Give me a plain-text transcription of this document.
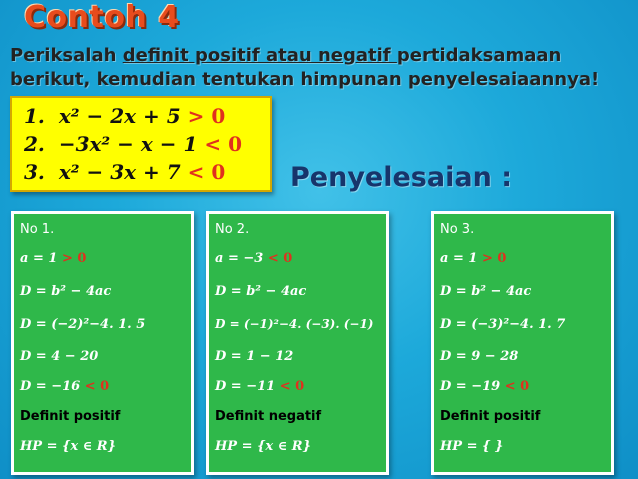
Contoh 4
Periksalah definit positif atau negatif pertidaksamaan berikut, kemudian tentukan himpunan penyelesaiaannya!
1. x² − 2x + 5 > 0
2. −3x² − x − 1 < 0
3. x² − 3x + 7 < 0 Penyelesaian :
No 1.
a = 1 > 0
D = b² − 4ac
D = (−2)²−4. 1. 5
D = 4 − 20
D = −16 < 0
Definit positif
HP = {x ∈ R}
No 2.
a = −3 < 0
D = b² − 4ac
D = (−1)²−4. (−3). (−1)
D = 1 − 12
D = −11 < 0
Definit negatif
HP = {x ∈ R}
No 3.
a = 1 > 0
D = b² − 4ac
D = (−3)²−4. 1. 7
D = 9 − 28
D = −19 < 0
Definit positif
HP = { }
